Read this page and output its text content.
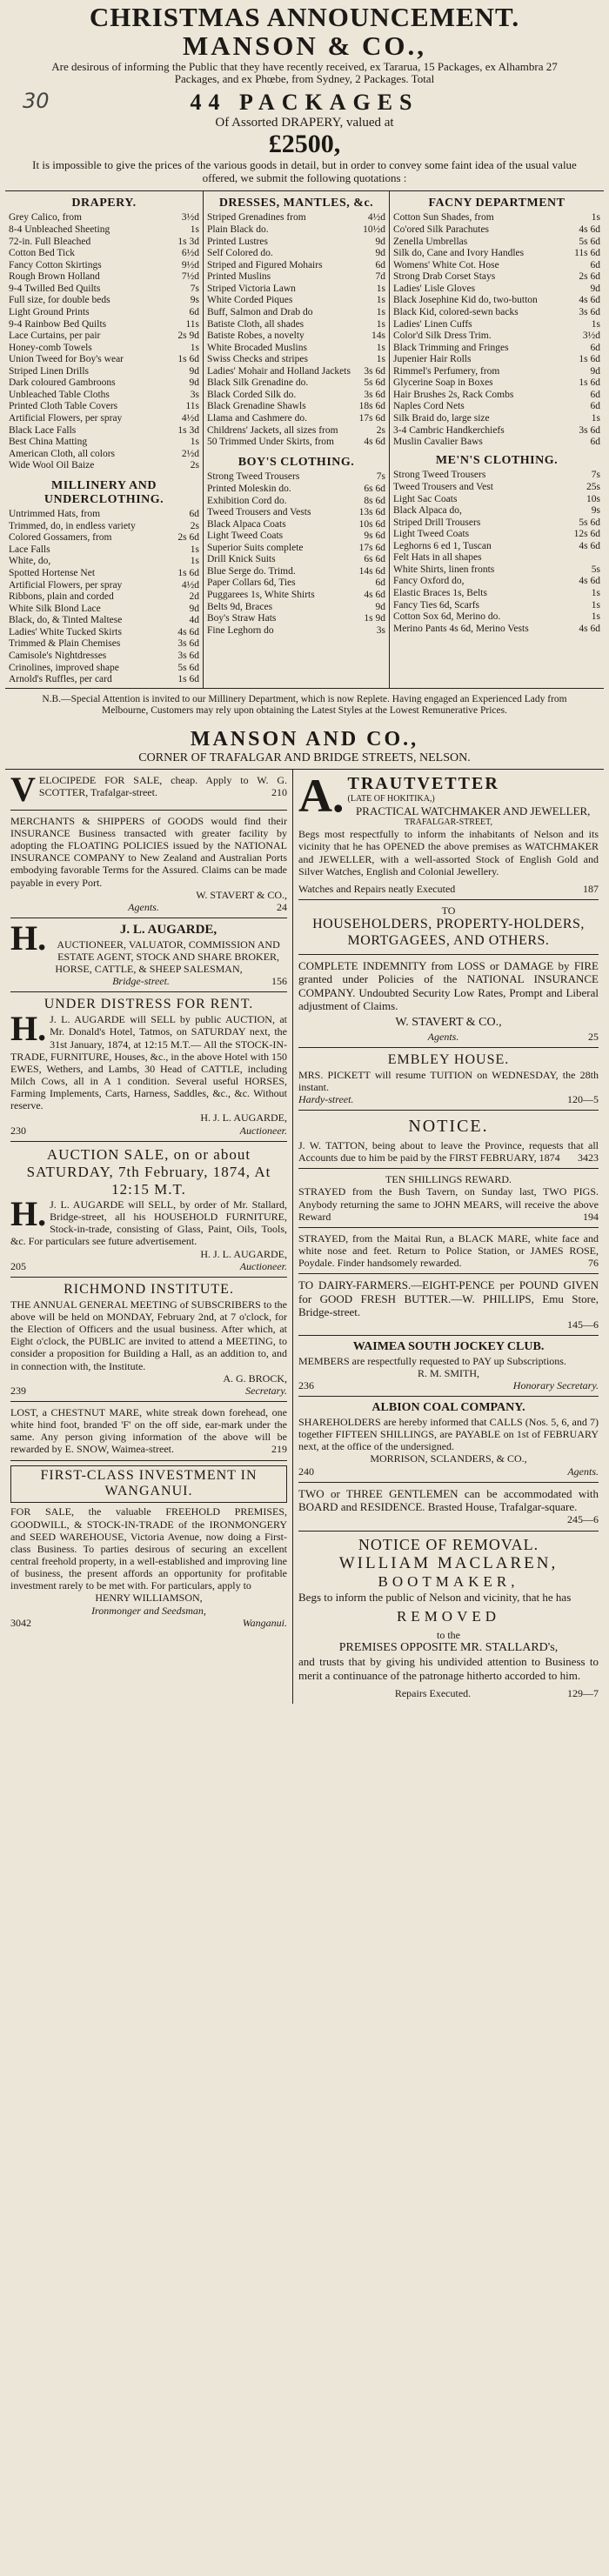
CHRISTMAS ANNOUNCEMENT.
MANSON & CO.,
Are desirous of informing the Public that they have recently received, ex Tararua, 15 Packages, ex Alhambra 27 Packages, and ex Phœbe, from Sydney, 2 Packages. Total
30	44 PACKAGES
Of Assorted DRAPERY, valued at
£2500,
It is impossible to give the prices of the various goods in detail, but in order to convey some faint idea of the usual value offered, we submit the following quotations :
DRAPERY.
Grey Calico, from	3½d
8-4 Unbleached Sheeting	1s
72-in. Full Bleached	1s 3d
Cotton Bed Tick	6½d
Fancy Cotton Skirtings	9½d
Rough Brown Holland	7½d
9-4 Twilled Bed Quilts	7s
Full size, for double beds	9s
Light Ground Prints	6d
9-4 Rainbow Bed Quilts	11s
Lace Curtains, per pair	2s 9d
Honey-comb Towels	1s
Union Tweed for Boy's wear	1s 6d
Striped Linen Drills	9d
Dark coloured Gambroons	9d
Unbleached Table Cloths	3s
Printed Cloth Table Covers	11s
Artificial Flowers, per spray	4½d
Black Lace Falls	1s 3d
Best China Matting	1s
American Cloth, all colors	2½d
Wide Wool Oil Baize	2s
MILLINERY AND UNDERCLOTHING.
Untrimmed Hats, from	6d
Trimmed, do, in endless variety	2s
Colored Gossamers, from	2s 6d
Lace Falls	1s
White, do,	1s
Spotted Hortense Net	1s 6d
Artificial Flowers, per spray	4½d
Ribbons, plain and corded	2d
White Silk Blond Lace	9d
Black, do, & Tinted Maltese	4d
Ladies' White Tucked Skirts	4s 6d
Trimmed & Plain Chemises	3s 6d
Camisole's Nightdresses	3s 6d
Crinolines, improved shape	5s 6d
Arnold's Ruffles, per card	1s 6d
DRESSES, MANTLES, &c.
Striped Grenadines from	4½d
Plain Black do.	10½d
Printed Lustres	9d
Self Colored do.	9d
Striped and Figured Mohairs	6d
Printed Muslins	7d
Striped Victoria Lawn	1s
White Corded Piques	1s
Buff, Salmon and Drab do	1s
Batiste Cloth, all shades	1s
Batiste Robes, a novelty	14s
White Brocaded Muslins	1s
Swiss Checks and stripes	1s
Ladies' Mohair and Holland Jackets	3s 6d
Black Silk Grenadine do.	5s 6d
Black Corded Silk do.	3s 6d
Black Grenadine Shawls	18s 6d
Llama and Cashmere do.	17s 6d
Childrens' Jackets, all sizes from	2s
50 Trimmed Under Skirts, from	4s 6d
BOY'S CLOTHING.
Strong Tweed Trousers	7s
Printed Moleskin do.	6s 6d
Exhibition Cord do.	8s 6d
Tweed Trousers and Vests	13s 6d
Black Alpaca Coats	10s 6d
Light Tweed Coats	9s 6d
Superior Suits complete	17s 6d
Drill Knick Suits	6s 6d
Blue Serge do. Trimd.	14s 6d
Paper Collars 6d, Ties	6d
Puggarees 1s, White Shirts	4s 6d
Belts 9d, Braces	9d
Boy's Straw Hats	1s 9d
Fine Leghorn do	3s
FACNY DEPARTMENT
Cotton Sun Shades, from	1s
Co'ored Silk Parachutes	4s 6d
Zenella Umbrellas	5s 6d
Silk do, Cane and Ivory Handles	11s 6d
Womens' White Cot. Hose	6d
Strong Drab Corset Stays	2s 6d
Ladies' Lisle Gloves	9d
Black Josephine Kid do, two-button	4s 6d
Black Kid, colored-sewn backs	3s 6d
Ladies' Linen Cuffs	1s
Color'd Silk Dress Trim.	3½d
Black Trimming and Fringes	6d
Jupenier Hair Rolls	1s 6d
Rimmel's Perfumery, from	9d
Glycerine Soap in Boxes	1s 6d
Hair Brushes 2s, Rack Combs	6d
Naples Cord Nets	6d
Silk Braid do, large size	1s
3-4 Cambric Handkerchiefs	3s 6d
Muslin Cavalier Baws	6d
ME'N'S CLOTHING.
Strong Tweed Trousers	7s
Tweed Trousers and Vest	25s
Light Sac Coats	10s
Black Alpaca do,	9s
Striped Drill Trousers	5s 6d
Light Tweed Coats	12s 6d
Leghorns 6 ed 1, Tuscan	4s 6d
Felt Hats in all shapes
White Shirts, linen fronts	5s
Fancy Oxford do,	4s 6d
Elastic Braces 1s, Belts	1s
Fancy Ties 6d, Scarfs	1s
Cotton Sox 6d, Merino do.	1s
Merino Pants 4s 6d, Merino Vests	4s 6d
N.B.—Special Attention is invited to our Millinery Department, which is now Replete. Having engaged an Experienced Lady from Melbourne, Customers may rely upon obtaining the Latest Styles at the Lowest Remunerative Prices.
MANSON AND CO.,
CORNER OF TRAFALGAR AND BRIDGE STREETS, NELSON.
V ELOCIPEDE FOR SALE, cheap. Apply to W. G. SCOTTER, Trafalgar-street.	210

MERCHANTS & SHIPPERS of GOODS would find their INSURANCE Business transacted with greater facility by adopting the FLOATING POLICIES issued by the NATIONAL INSURANCE COMPANY to New Zealand and Australian Ports embodying favorable Terms for the Assured. Claims can be made payable in every Port.

W. STAVERT & CO.,
Agents.	24
H.	J. L. AUGARDE,

AUCTIONEER, VALUATOR, COMMISSION AND ESTATE AGENT, STOCK AND SHARE BROKER, HORSE, CATTLE, & SHEEP SALESMAN,

Bridge-street.	156
UNDER DISTRESS FOR RENT.
H. J. L. AUGARDE will SELL by public AUCTION, at Mr. Donald's Hotel, Tatmos, on SATURDAY next, the 31st January, 1874, at 12:15 M.T.— All the STOCK-IN-TRADE, FURNITURE, Houses, &c., in the above Hotel with 150 EWES, Wethers, and Lambs, 30 Head of CATTLE, including Milch Cows, all in A 1 condition. Several useful HORSES, Farming Implements, Carts, Harness, Saddles, &c., &c. Without reserve.

H. J. L. AUGARDE,
230	Auctioneer.
AUCTION SALE, on or about SATURDAY, 7th February, 1874, At 12:15 M.T.
H. J. L. AUGARDE will SELL, by order of Mr. Stallard, Bridge-street, all his HOUSEHOLD FURNITURE, Stock-in-trade, consisting of Glass, Paint, Oils, Tools, &c. For particulars see future advertisement.

H. J. L. AUGARDE,
205	Auctioneer.
RICHMOND INSTITUTE.

THE ANNUAL GENERAL MEETING of SUBSCRIBERS to the above will be held on MONDAY, February 2nd, at 7 o'clock, for the Election of Officers and the usual business. After which, at Eight o'clock, the PUBLIC are invited to attend a MEETING, to consider a proposition for Building a Hall, as an addition to, and in connection with, the Institute.

A. G. BROCK,
239	Secretary.

LOST, a CHESTNUT MARE, white streak down forehead, one white hind foot, branded 'F' on the off side, ear-mark under the same. Any person giving information of the above will be rewarded by E. SNOW, Waimea-street.	219

FIRST-CLASS INVESTMENT IN WANGANUI.

FOR SALE, the valuable FREEHOLD PREMISES, GOODWILL, & STOCK-IN-TRADE of the IRONMONGERY and SEED WAREHOUSE, Victoria Avenue, now doing a First-class Business. To parties desirous of securing an excellent central freehold property, in a well-established and improving line of business, the present affords an opportunity for profitable investment rarely to be met with. For particulars, apply to

HENRY WILLIAMSON,
Ironmonger and Seedsman,
3042	Wanganui.
A. TRAUTVETTER
(LATE OF HOKITIKA,)
PRACTICAL WATCHMAKER AND JEWELLER,
TRAFALGAR-STREET,

Begs most respectfully to inform the inhabitants of Nelson and its vicinity that he has OPENED the above premises as WATCHMAKER and JEWELLER, with a well-assorted Stock of English Gold and Silver Watches, English and Colonial Jewellery.

Watches and Repairs neatly Executed	187
TO
HOUSEHOLDERS, PROPERTY-HOLDERS, MORTGAGEES, AND OTHERS.

COMPLETE INDEMNITY from LOSS or DAMAGE by FIRE granted under Policies of the NATIONAL INSURANCE COMPANY. Undoubted Security Low Rates, Prompt and Liberal adjustment of Claims.

W. STAVERT & CO.,
Agents.	25
EMBLEY HOUSE.

MRS. PICKETT will resume TUITION on WEDNESDAY, the 28th instant.

Hardy-street.	120—5
NOTICE.

J. W. TATTON, being about to leave the Province, requests that all Accounts due to him be paid by the FIRST FEBRUARY, 1874 3423

TEN SHILLINGS REWARD.

STRAYED from the Bush Tavern, on Sunday last, TWO PIGS. Anybody returning the same to JOHN MEARS, will receive the above Reward	194

STRAYED, from the Maitai Run, a BLACK MARE, white face and white nose and feet. Return to Police Station, or JAMES ROSE, Poydale. Finder handsomely rewarded.	76

TO DAIRY-FARMERS.—EIGHT-PENCE per POUND GIVEN for GOOD FRESH BUTTER.—W. PHILLIPS, Emu Store, Bridge-street.

145—6
WAIMEA SOUTH JOCKEY CLUB.

MEMBERS are respectfully requested to PAY up Subscriptions.

R. M. SMITH,
236	Honorary Secretary.
ALBION COAL COMPANY.

SHAREHOLDERS are hereby informed that CALLS (Nos. 5, 6, and 7) together FIFTEEN SHILLINGS, are PAYABLE on 1st of FEBRUARY next, at the office of the undersigned.

MORRISON, SCLANDERS, & CO.,
240	Agents.

TWO or THREE GENTLEMEN can be accommodated with BOARD and RESIDENCE. Brasted House, Trafalgar-square.

245—6
NOTICE OF REMOVAL.
WILLIAM MACLAREN,
BOOTMAKER,

Begs to inform the public of Nelson and vicinity, that he has

REMOVED
to the
PREMISES OPPOSITE MR. STALLARD's,

and trusts that by giving his undivided attention to Business to merit a continuance of the patronage hitherto accorded to him.

Repairs Executed.	129—7
